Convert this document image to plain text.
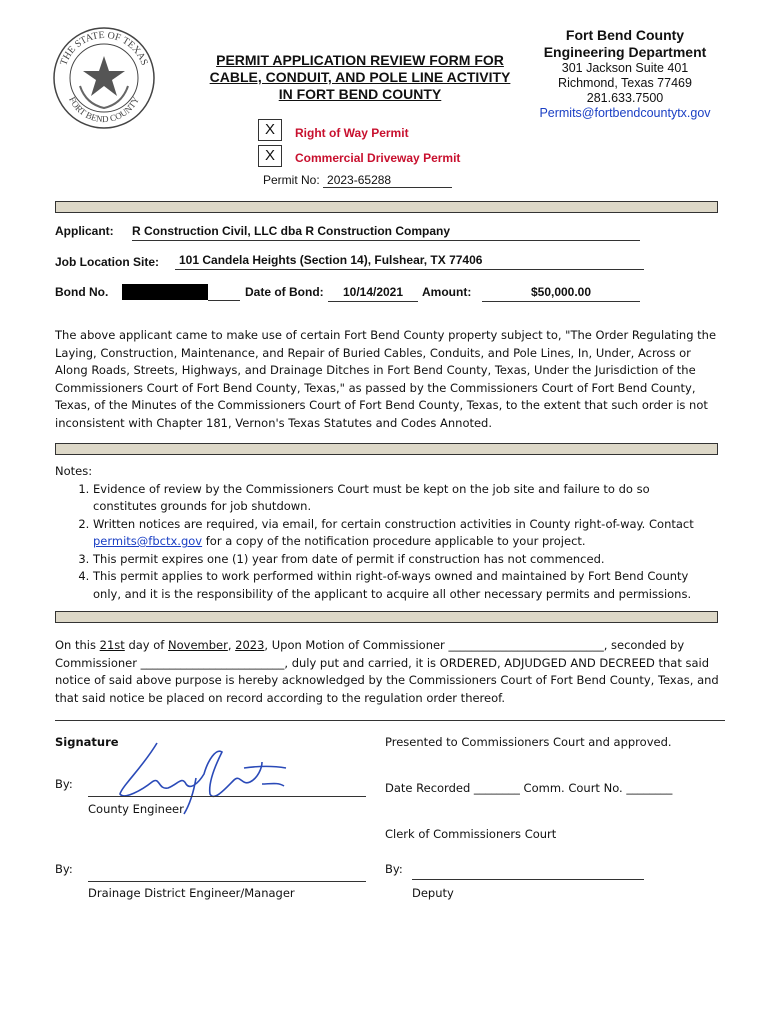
THE STATE OF TEXAS
FORT BEND COUNTY
PERMIT APPLICATION REVIEW FORM FOR
CABLE, CONDUIT, AND POLE LINE ACTIVITY
IN FORT BEND COUNTY
Fort Bend County
Engineering Department
301 Jackson Suite 401
Richmond, Texas 77469
281.633.7500
Permits@fortbendcountytx.gov
X	Right of Way Permit
X	Commercial Driveway Permit
Permit No: 2023-65288
Applicant: R Construction Civil, LLC dba R Construction Company
Job Location Site:	101 Candela Heights (Section 14), Fulshear, TX 77406
Bond No.	Date of Bond:	10/14/2021	Amount:	$50,000.00
The above applicant came to make use of certain Fort Bend County property subject to, "The Order Regulating the Laying, Construction, Maintenance, and Repair of Buried Cables, Conduits, and Pole Lines, In, Under, Across or Along Roads, Streets, Highways, and Drainage Ditches in Fort Bend County, Texas, Under the Jurisdiction of the Commissioners Court of Fort Bend County, Texas," as passed by the Commissioners Court of Fort Bend County, Texas, of the Minutes of the Commissioners Court of Fort Bend County, Texas, to the extent that such order is not inconsistent with Chapter 181, Vernon's Texas Statutes and Codes Annoted.
Notes:
1. Evidence of review by the Commissioners Court must be kept on the job site and failure to do so constitutes grounds for job shutdown.
2. Written notices are required, via email, for certain construction activities in County right-of-way. Contact permits@fbctx.gov for a copy of the notification procedure applicable to your project.
3. This permit expires one (1) year from date of permit if construction has not commenced.
4. This permit applies to work performed within right-of-ways owned and maintained by Fort Bend County only, and it is the responsibility of the applicant to acquire all other necessary permits and permissions.
On this 21st day of November, 2023, Upon Motion of Commissioner ___________________________, seconded by Commissioner _________________________, duly put and carried, it is ORDERED, ADJUDGED AND DECREED that said notice of said above purpose is hereby acknowledged by the Commissioners Court of Fort Bend County, Texas, and that said notice be placed on record according to the regulation order thereof.
Signature
By:
County Engineer
By:
Drainage District Engineer/Manager
Presented to Commissioners Court and approved.
Date Recorded ________ Comm. Court No. ________
Clerk of Commissioners Court
By:
Deputy
